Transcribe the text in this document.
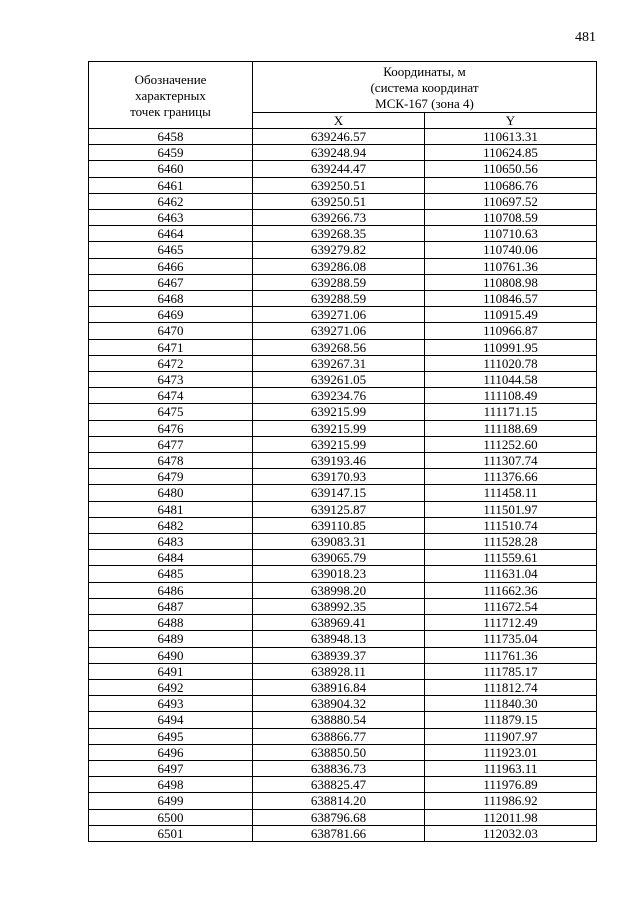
481
Обозначение
характерных
точек границы	Координаты, м
(система координат
МСК-167 (зона 4)	

	X	Y
6458	639246.57	110613.31
6459	639248.94	110624.85
6460	639244.47	110650.56
6461	639250.51	110686.76
6462	639250.51	110697.52
6463	639266.73	110708.59
6464	639268.35	110710.63
6465	639279.82	110740.06
6466	639286.08	110761.36
6467	639288.59	110808.98
6468	639288.59	110846.57
6469	639271.06	110915.49
6470	639271.06	110966.87
6471	639268.56	110991.95
6472	639267.31	111020.78
6473	639261.05	111044.58
6474	639234.76	111108.49
6475	639215.99	111171.15
6476	639215.99	111188.69
6477	639215.99	111252.60
6478	639193.46	111307.74
6479	639170.93	111376.66
6480	639147.15	111458.11
6481	639125.87	111501.97
6482	639110.85	111510.74
6483	639083.31	111528.28
6484	639065.79	111559.61
6485	639018.23	111631.04
6486	638998.20	111662.36
6487	638992.35	111672.54
6488	638969.41	111712.49
6489	638948.13	111735.04
6490	638939.37	111761.36
6491	638928.11	111785.17
6492	638916.84	111812.74
6493	638904.32	111840.30
6494	638880.54	111879.15
6495	638866.77	111907.97
6496	638850.50	111923.01
6497	638836.73	111963.11
6498	638825.47	111976.89
6499	638814.20	111986.92
6500	638796.68	112011.98
6501	638781.66	112032.03
